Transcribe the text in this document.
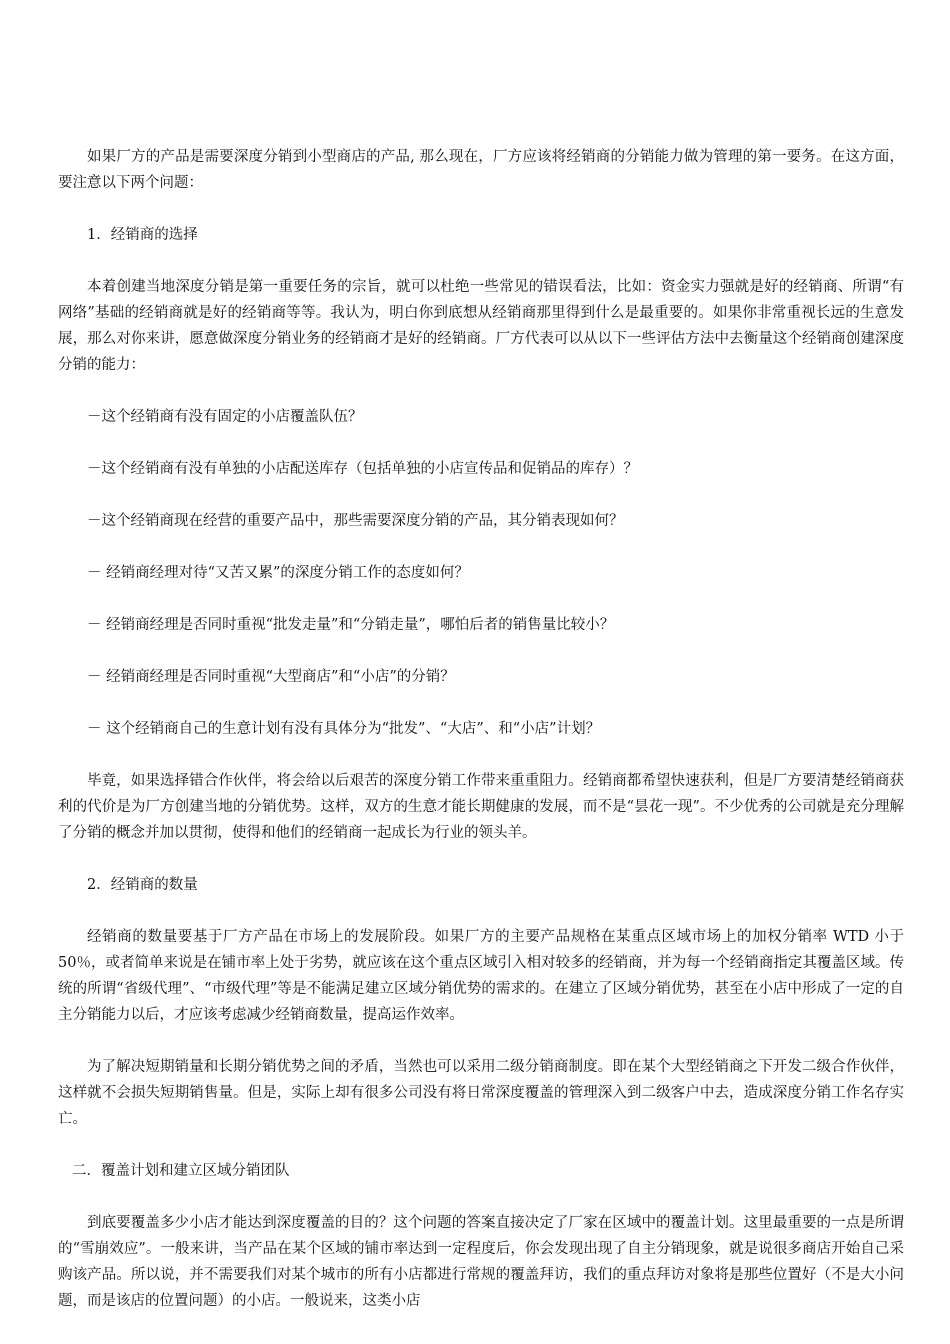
如果厂方的产品是需要深度分销到小型商店的产品, 那么现在，厂方应该将经销商的分销能力做为管理的第一要务。在这方面，要注意以下两个问题：

1．经销商的选择

本着创建当地深度分销是第一重要任务的宗旨，就可以杜绝一些常见的错误看法，比如：资金实力强就是好的经销商、所谓“有网络”基础的经销商就是好的经销商等等。我认为，明白你到底想从经销商那里得到什么是最重要的。如果你非常重视长远的生意发展，那么对你来讲，愿意做深度分销业务的经销商才是好的经销商。厂方代表可以从以下一些评估方法中去衡量这个经销商创建深度分销的能力：

－这个经销商有没有固定的小店覆盖队伍？

－这个经销商有没有单独的小店配送库存（包括单独的小店宣传品和促销品的库存）？

－这个经销商现在经营的重要产品中，那些需要深度分销的产品，其分销表现如何？

－ 经销商经理对待“又苦又累”的深度分销工作的态度如何？

－ 经销商经理是否同时重视“批发走量”和“分销走量”，哪怕后者的销售量比较小？

－ 经销商经理是否同时重视“大型商店”和“小店”的分销？

－ 这个经销商自己的生意计划有没有具体分为“批发”、“大店”、和“小店”计划？

毕竟，如果选择错合作伙伴，将会给以后艰苦的深度分销工作带来重重阻力。经销商都希望快速获利，但是厂方要清楚经销商获利的代价是为厂方创建当地的分销优势。这样，双方的生意才能长期健康的发展，而不是“昙花一现”。不少优秀的公司就是充分理解了分销的概念并加以贯彻，使得和他们的经销商一起成长为行业的领头羊。

2．经销商的数量

经销商的数量要基于厂方产品在市场上的发展阶段。如果厂方的主要产品规格在某重点区域市场上的加权分销率 WTD 小于 50％，或者简单来说是在铺市率上处于劣势，就应该在这个重点区域引入相对较多的经销商，并为每一个经销商指定其覆盖区域。传统的所谓“省级代理”、“市级代理”等是不能满足建立区域分销优势的需求的。在建立了区域分销优势，甚至在小店中形成了一定的自主分销能力以后，才应该考虑减少经销商数量，提高运作效率。

为了解决短期销量和长期分销优势之间的矛盾，当然也可以采用二级分销商制度。即在某个大型经销商之下开发二级合作伙伴，这样就不会损失短期销售量。但是，实际上却有很多公司没有将日常深度覆盖的管理深入到二级客户中去，造成深度分销工作名存实亡。

二．覆盖计划和建立区域分销团队

到底要覆盖多少小店才能达到深度覆盖的目的？这个问题的答案直接决定了厂家在区域中的覆盖计划。这里最重要的一点是所谓的“雪崩效应”。一般来讲，当产品在某个区域的铺市率达到一定程度后，你会发现出现了自主分销现象，就是说很多商店开始自己采购该产品。所以说，并不需要我们对某个城市的所有小店都进行常规的覆盖拜访，我们的重点拜访对象将是那些位置好（不是大小问题，而是该店的位置问题）的小店。一般说来，这类小店
